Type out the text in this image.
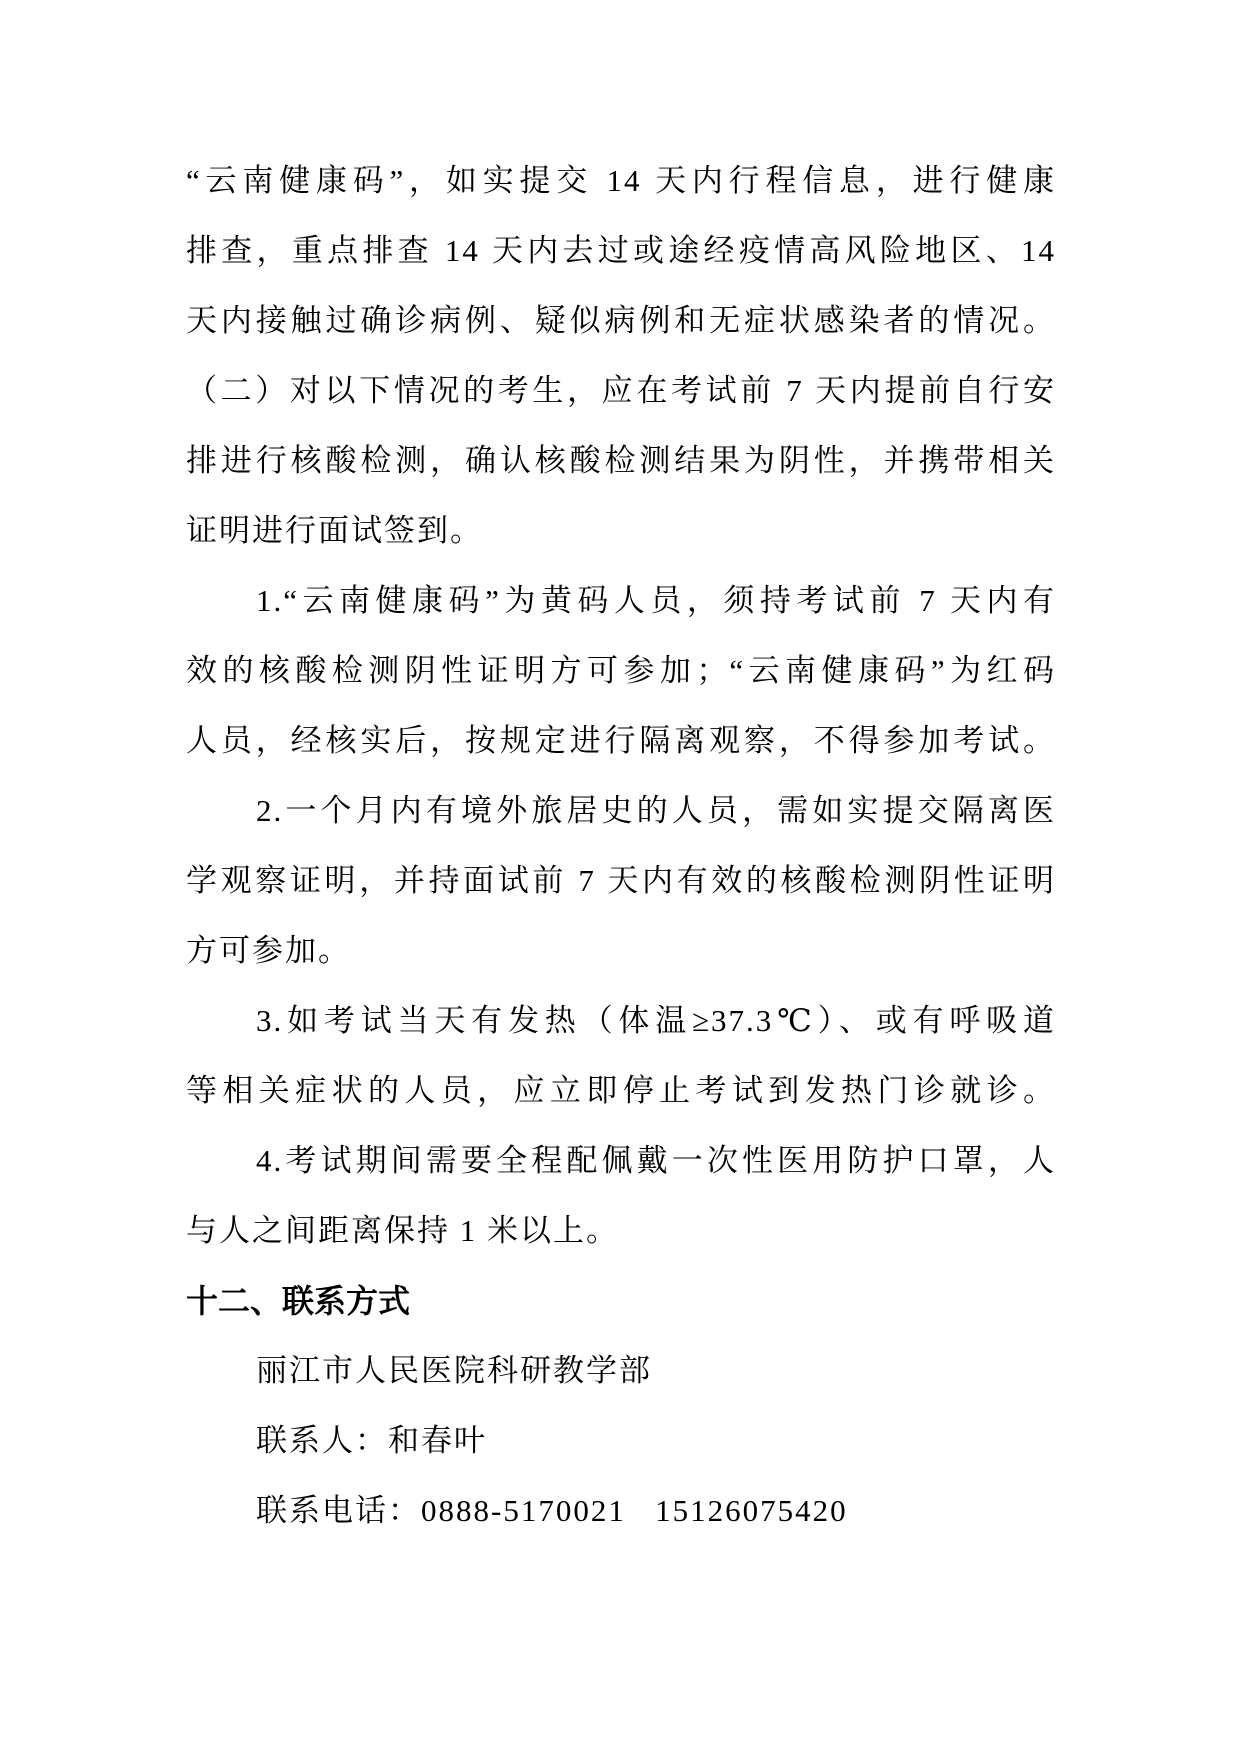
“云南健康码”，如实提交 14 天内行程信息，进行健康
排查，重点排查 14 天内去过或途经疫情高风险地区、14
天内接触过确诊病例、疑似病例和无症状感染者的情况。
（二）对以下情况的考生，应在考试前 7 天内提前自行安
排进行核酸检测，确认核酸检测结果为阴性，并携带相关
证明进行面试签到。
1.“云南健康码”为黄码人员，须持考试前 7 天内有
效的核酸检测阴性证明方可参加；“云南健康码”为红码
人员，经核实后，按规定进行隔离观察，不得参加考试。
2.一个月内有境外旅居史的人员，需如实提交隔离医
学观察证明，并持面试前 7 天内有效的核酸检测阴性证明
方可参加。
3.如考试当天有发热（体温≥37.3℃）、或有呼吸道
等相关症状的人员，应立即停止考试到发热门诊就诊。
4.考试期间需要全程配佩戴一次性医用防护口罩，人
与人之间距离保持 1 米以上。
十二、联系方式
丽江市人民医院科研教学部
联系人：和春叶
联系电话：0888-5170021   15126075420
